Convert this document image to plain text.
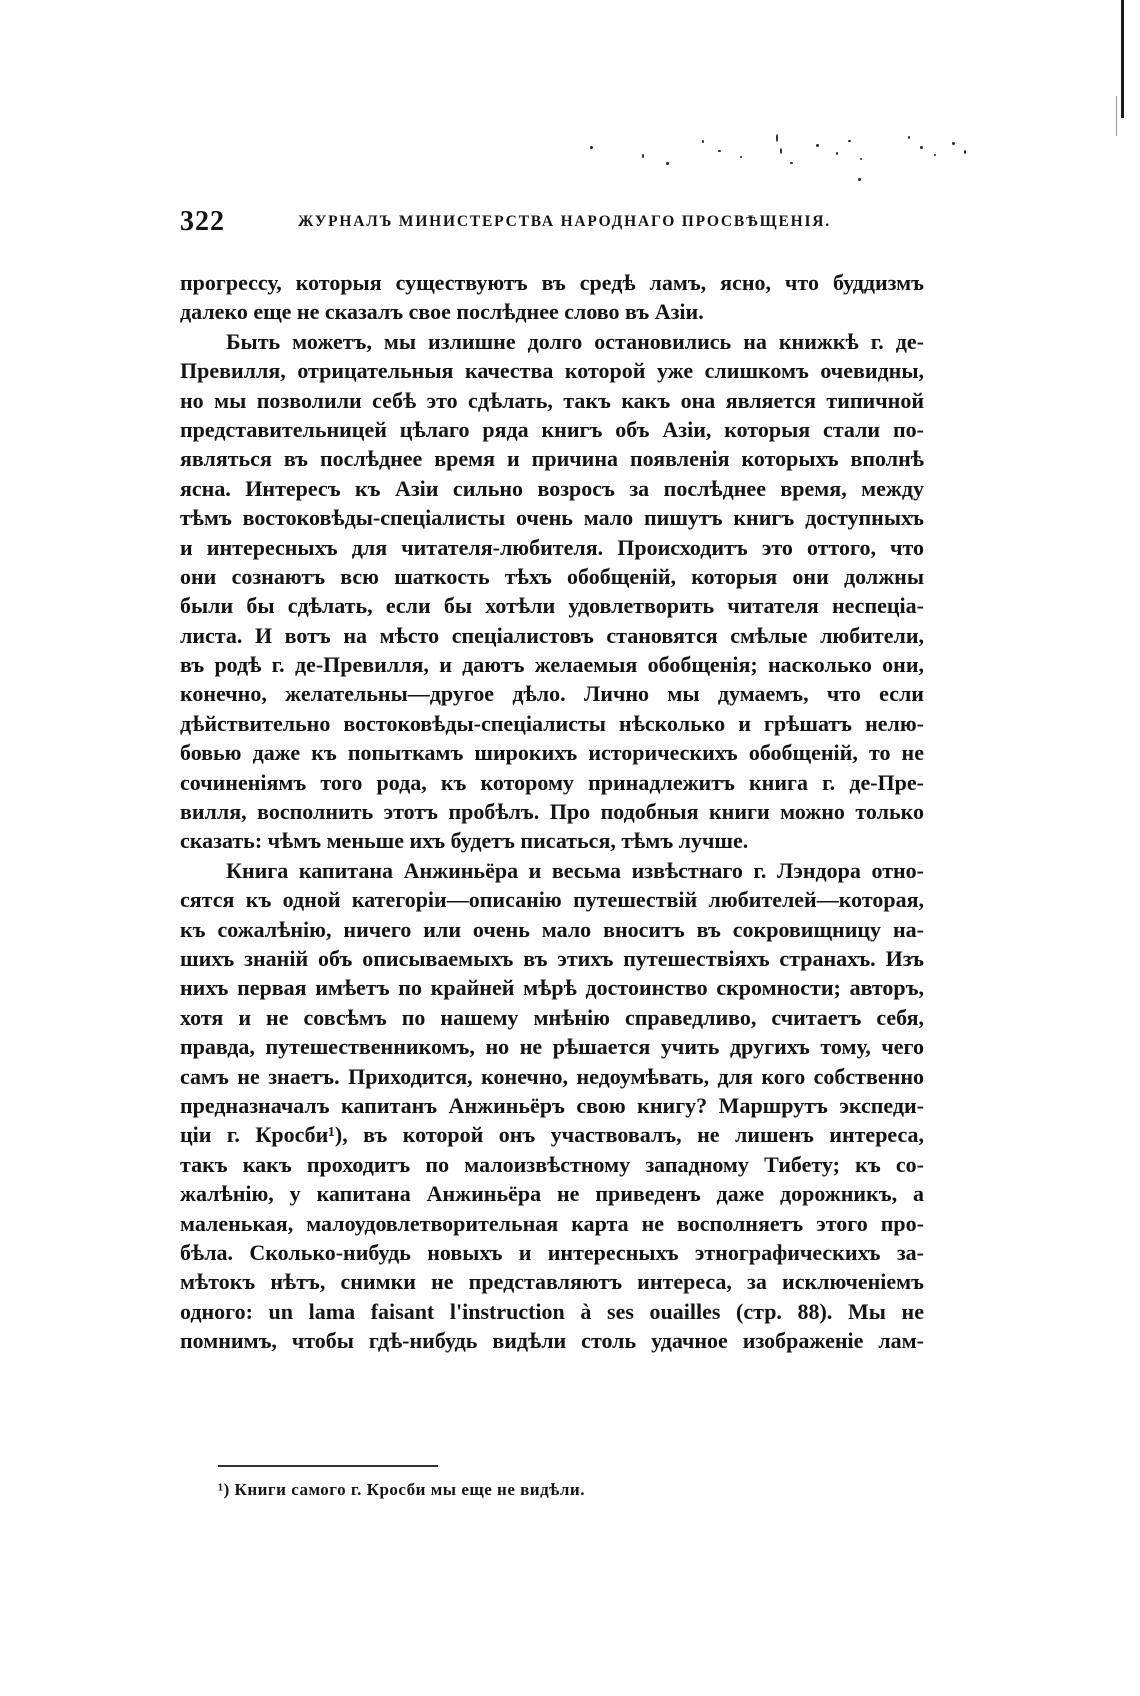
322	ЖУРНАЛЪ МИНИСТЕРСТВА НАРОДНАГО ПРОСВѢЩЕНІЯ.
прогрессу, которыя существуютъ въ средѣ ламъ, ясно, что буддизмъ
далеко еще не сказалъ свое послѣднее слово въ Азіи.
Быть можетъ, мы излишне долго остановились на книжкѣ г. де-
Превилля, отрицательныя качества которой уже слишкомъ очевидны,
но мы позволили себѣ это сдѣлать, такъ какъ она является типичной
представительницей цѣлаго ряда книгъ объ Азіи, которыя стали по-
являться въ послѣднее время и причина появленія которыхъ вполнѣ
ясна. Интересъ къ Азіи сильно возросъ за послѣднее время, между
тѣмъ востоковѣды-спеціалисты очень мало пишутъ книгъ доступныхъ
и интересныхъ для читателя-любителя. Происходитъ это оттого, что
они сознаютъ всю шаткость тѣхъ обобщеній, которыя они должны
были бы сдѣлать, если бы хотѣли удовлетворить читателя неспеціа-
листа. И вотъ на мѣсто спеціалистовъ становятся смѣлые любители,
въ родѣ г. де-Превилля, и даютъ желаемыя обобщенія; насколько они,
конечно, желательны—другое дѣло. Лично мы думаемъ, что если
дѣйствительно востоковѣды-спеціалисты нѣсколько и грѣшатъ нелю-
бовью даже къ попыткамъ широкихъ историческихъ обобщеній, то не
сочиненіямъ того рода, къ которому принадлежитъ книга г. де-Пре-
вилля, восполнить этотъ пробѣлъ. Про подобныя книги можно только
сказать: чѣмъ меньше ихъ будетъ писаться, тѣмъ лучше.
Книга капитана Анжиньёра и весьма извѣстнаго г. Лэндора отно-
сятся къ одной категоріи—описанію путешествій любителей—которая,
къ сожалѣнію, ничего или очень мало вноситъ въ сокровищницу на-
шихъ знаній объ описываемыхъ въ этихъ путешествіяхъ странахъ. Изъ
нихъ первая имѣетъ по крайней мѣрѣ достоинство скромности; авторъ,
хотя и не совсѣмъ по нашему мнѣнію справедливо, считаетъ себя,
правда, путешественникомъ, но не рѣшается учить другихъ тому, чего
самъ не знаетъ. Приходится, конечно, недоумѣвать, для кого собственно
предназначалъ капитанъ Анжиньёръ свою книгу? Маршрутъ экспеди-
ціи г. Кросби¹), въ которой онъ участвовалъ, не лишенъ интереса,
такъ какъ проходитъ по малоизвѣстному западному Тибету; къ со-
жалѣнію, у капитана Анжиньёра не приведенъ даже дорожникъ, а
маленькая, малоудовлетворительная карта не восполняетъ этого про-
бѣла. Сколько-нибудь новыхъ и интересныхъ этнографическихъ за-
мѣтокъ нѣтъ, снимки не представляютъ интереса, за исключеніемъ
одного: un lama faisant l'instruction à ses ouailles (стр. 88). Мы не
помнимъ, чтобы гдѣ-нибудь видѣли столь удачное изображеніе лам-
¹) Книги самого г. Кросби мы еще не видѣли.
